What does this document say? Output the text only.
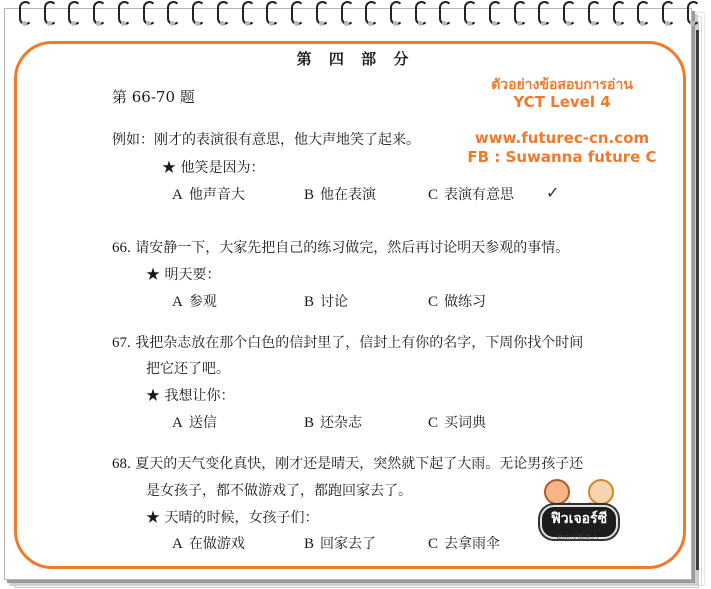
第 四 部 分
第 66-70 题
ตัวอย่างข้อสอบการอ่าน
YCT Level 4
www.futurec-cn.com
FB : Suwanna future C
例如：刚才的表演很有意思，他大声地笑了起来。
★ 他笑是因为：
A 他声音大	B 他在表演	C 表演有意思 ✓
66. 请安静一下，大家先把自己的练习做完，然后再讨论明天参观的事情。
★ 明天要：
A 参观	B 讨论	C 做练习
67. 我把杂志放在那个白色的信封里了，信封上有你的名字，下周你找个时间
把它还了吧。
★ 我想让你：
A 送信	B 还杂志	C 买词典
68. 夏天的天气变化真快，刚才还是晴天，突然就下起了大雨。无论男孩子还
是女孩子，都不做游戏了，都跑回家去了。
★ 天晴的时候，女孩子们：
A 在做游戏	B 回家去了	C 去拿雨伞
ฟิวเจอร์ซี
铭中汉语中心
